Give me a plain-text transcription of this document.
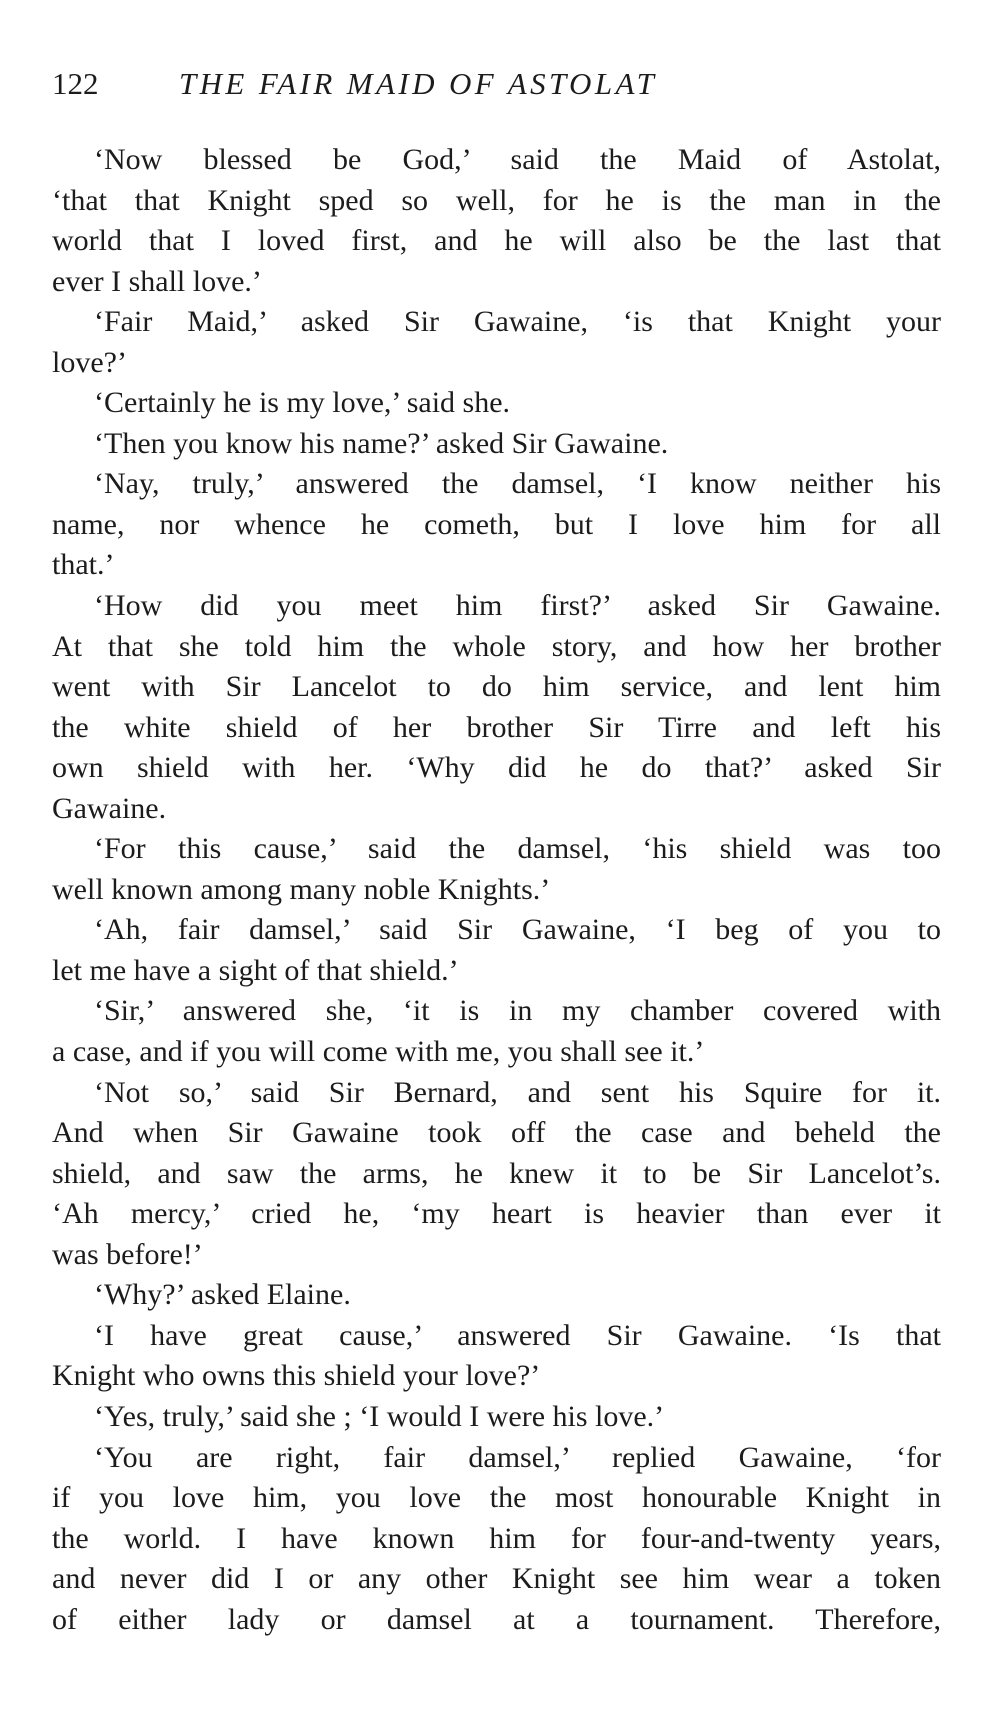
122	THE FAIR MAID OF ASTOLAT
‘Now blessed be God,’ said the Maid of Astolat,
‘that that Knight sped so well, for he is the man in the
world that I loved first, and he will also be the last that
ever I shall love.’
‘Fair Maid,’ asked Sir Gawaine, ‘is that Knight your
love?’
‘Certainly he is my love,’ said she.
‘Then you know his name?’ asked Sir Gawaine.
‘Nay, truly,’ answered the damsel, ‘I know neither his
name, nor whence he cometh, but I love him for all
that.’
‘How did you meet him first?’ asked Sir Gawaine.
At that she told him the whole story, and how her brother
went with Sir Lancelot to do him service, and lent him
the white shield of her brother Sir Tirre and left his
own shield with her. ‘Why did he do that?’ asked Sir
Gawaine.
‘For this cause,’ said the damsel, ‘his shield was too
well known among many noble Knights.’
‘Ah, fair damsel,’ said Sir Gawaine, ‘I beg of you to
let me have a sight of that shield.’
‘Sir,’ answered she, ‘it is in my chamber covered with
a case, and if you will come with me, you shall see it.’
‘Not so,’ said Sir Bernard, and sent his Squire for it.
And when Sir Gawaine took off the case and beheld the
shield, and saw the arms, he knew it to be Sir Lancelot’s.
‘Ah mercy,’ cried he, ‘my heart is heavier than ever it
was before!’
‘Why?’ asked Elaine.
‘I have great cause,’ answered Sir Gawaine. ‘Is that
Knight who owns this shield your love?’
‘Yes, truly,’ said she ; ‘I would I were his love.’
‘You are right, fair damsel,’ replied Gawaine, ‘for
if you love him, you love the most honourable Knight in
the world. I have known him for four-and-twenty years,
and never did I or any other Knight see him wear a token
of either lady or damsel at a tournament. Therefore,
